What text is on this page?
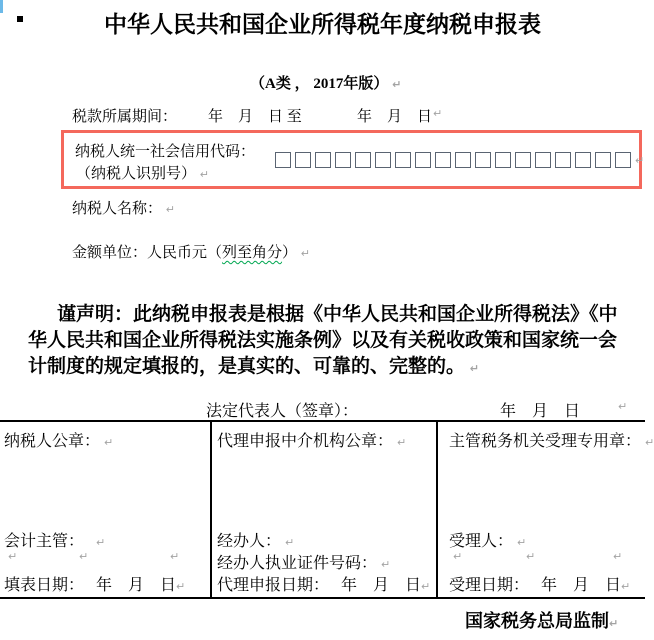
中华人民共和国企业所得税年度纳税申报表
（A类 ， 2017年版） ↵
税款所属期间： 年　月　日 至	年　月　日 ↵
纳税人统一社会信用代码：
（纳税人识别号） ↵
↵
纳税人名称： ↵
金额单位：人民币元（列至角分） ↵
谨声明：此纳税申报表是根据《中华人民共和国企业所得税法》《中
华人民共和国企业所得税法实施条例》以及有关税收政策和国家统一会
计制度的规定填报的，是真实的、可靠的、完整的。 ↵
法定代表人（签章）：	年　月　日	↵
纳税人公章： ↵
会计主管： ↵

↵

	↵

	↵

填表日期：　 年　月　日↵
代理申报中介机构公章： ↵
经办人： ↵
经办人执业证件号码： ↵
代理申报日期：　 年　月　日↵
主管税务机关受理专用章： ↵
受理人： ↵

↵

	↵

	↵

受理日期：　 年　月　日↵
国家税务总局监制↵
